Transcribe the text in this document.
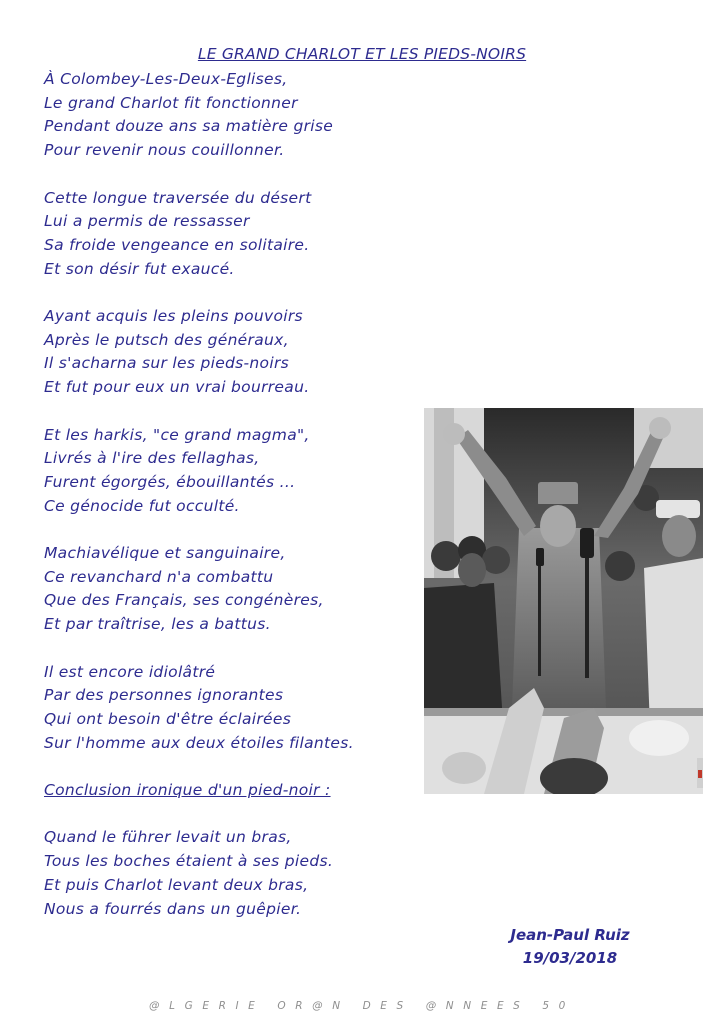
LE GRAND CHARLOT ET LES PIEDS-NOIRS
À Colombey-Les-Deux-Eglises,
Le grand Charlot fit fonctionner
Pendant douze ans sa matière grise
Pour revenir nous couillonner.
Cette longue traversée du désert
Lui a permis de ressasser
Sa froide vengeance en solitaire.
Et son désir fut exaucé.
Ayant acquis les pleins pouvoirs
Après le putsch des généraux,
Il s'acharna sur les pieds-noirs
Et fut pour eux un vrai bourreau.
Et les harkis, "ce grand magma",
Livrés à l'ire des fellaghas,
Furent égorgés, ébouillantés ...
Ce génocide fut occulté.
Machiavélique et sanguinaire,
Ce revanchard n'a combattu
Que des Français, ses congénères,
Et par traîtrise, les a battus.
Il est encore idiolâtré
Par des personnes ignorantes
Qui ont besoin d'être éclairées
Sur l'homme aux deux étoiles filantes.
Conclusion ironique d'un pied-noir :
Quand le führer levait un bras,
Tous les boches étaient à ses pieds.
Et puis Charlot levant deux bras,
Nous a fourrés dans un guêpier.
Jean-Paul Ruiz
19/03/2018
@LGERIE OR@N DES @NNEES 50
